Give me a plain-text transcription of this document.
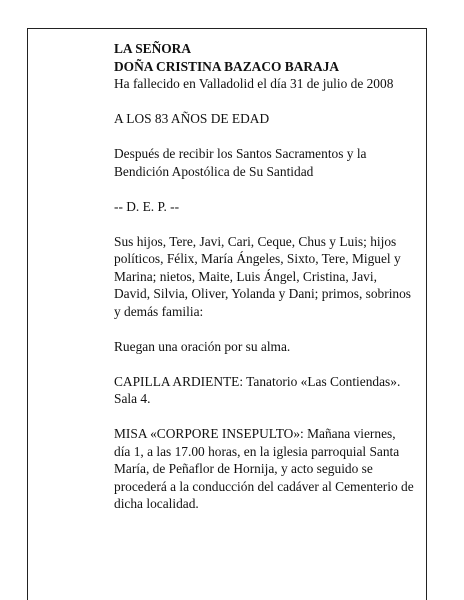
LA SEÑORA

DOÑA CRISTINA BAZACO BARAJA

Ha fallecido en Valladolid el día 31 de julio de 2008

A LOS 83 AÑOS DE EDAD

Después de recibir los Santos Sacramentos y la Bendición Apostólica de Su Santidad

-- D. E. P. --

Sus hijos, Tere, Javi, Cari, Ceque, Chus y Luis; hijos políticos, Félix, María Ángeles, Sixto, Tere, Miguel y Marina; nietos, Maite, Luis Ángel, Cristina, Javi, David, Silvia, Oliver, Yolanda y Dani; primos, sobrinos y demás familia:

Ruegan una oración por su alma.

CAPILLA ARDIENTE: Tanatorio «Las Contiendas». Sala 4.

MISA «CORPORE INSEPULTO»: Mañana viernes, día 1, a las 17.00 horas, en la iglesia parroquial Santa María, de Peñaflor de Hornija, y acto seguido se procederá a la conducción del cadáver al Cementerio de dicha localidad.
